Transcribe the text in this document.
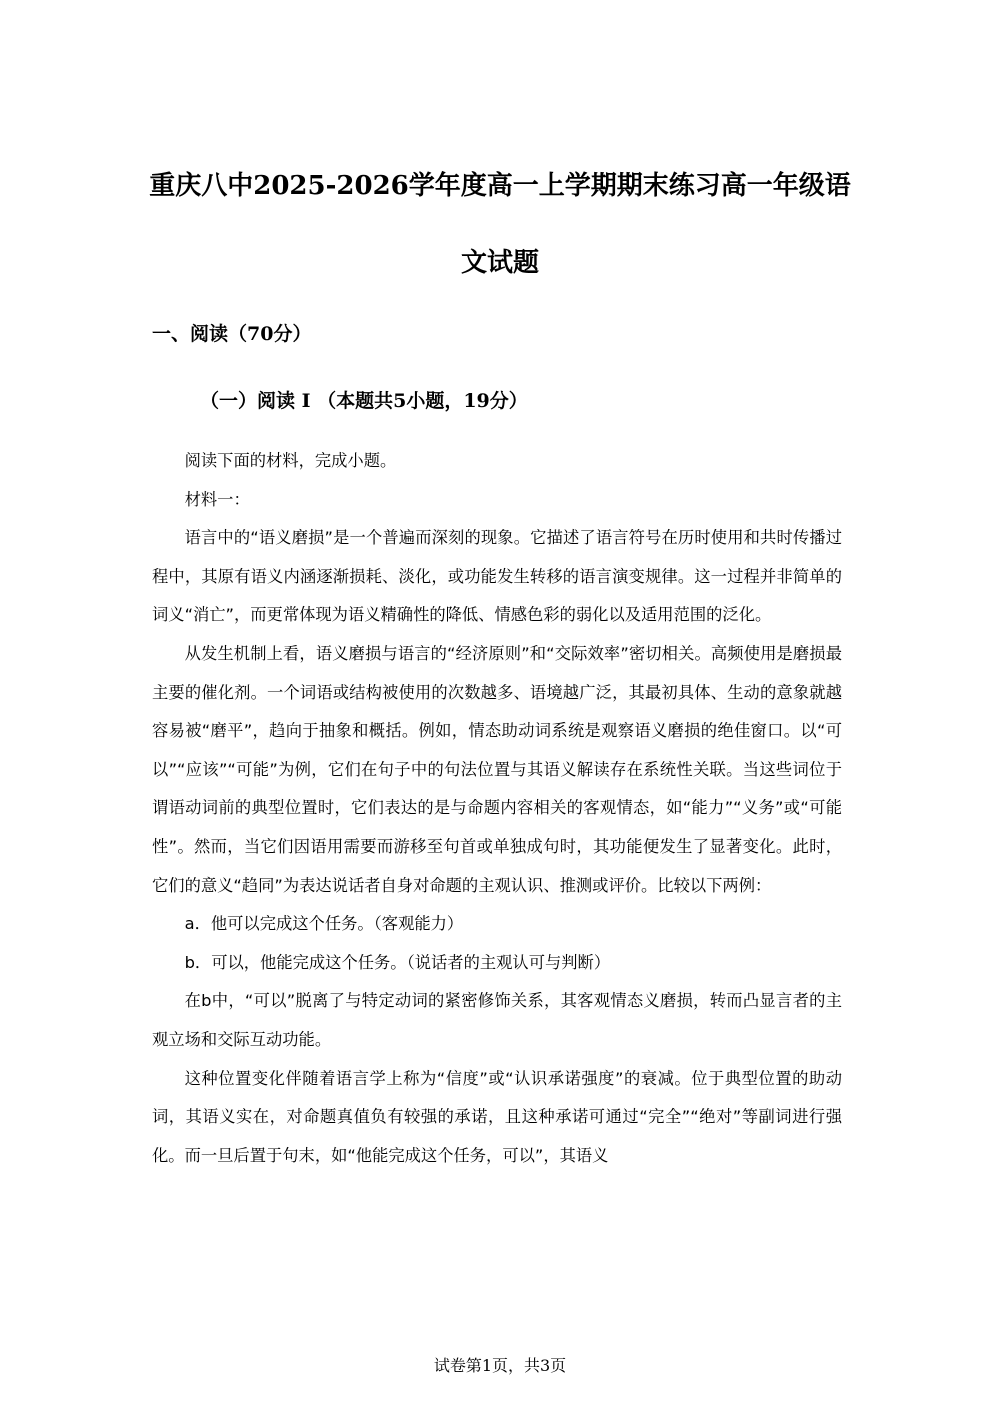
重庆八中2025-2026学年度高一上学期期末练习高一年级语
文试题
一、阅读（70分）
（一）阅读 I （本题共5小题，19分）

阅读下面的材料，完成小题。

材料一：

语言中的“语义磨损”是一个普遍而深刻的现象。它描述了语言符号在历时使用和共时传播过程中，其原有语义内涵逐渐损耗、淡化，或功能发生转移的语言演变规律。这一过程并非简单的词义“消亡”，而更常体现为语义精确性的降低、情感色彩的弱化以及适用范围的泛化。

从发生机制上看，语义磨损与语言的“经济原则”和“交际效率”密切相关。高频使用是磨损最主要的催化剂。一个词语或结构被使用的次数越多、语境越广泛，其最初具体、生动的意象就越容易被“磨平”，趋向于抽象和概括。例如，情态助动词系统是观察语义磨损的绝佳窗口。以“可以”“应该”“可能”为例，它们在句子中的句法位置与其语义解读存在系统性关联。当这些词位于谓语动词前的典型位置时，它们表达的是与命题内容相关的客观情态，如“能力”“义务”或“可能性”。然而，当它们因语用需要而游移至句首或单独成句时，其功能便发生了显著变化。此时，它们的意义“趋同”为表达说话者自身对命题的主观认识、推测或评价。比较以下两例：

a．他可以完成这个任务。（客观能力）

b．可以，他能完成这个任务。（说话者的主观认可与判断）

在b中，“可以”脱离了与特定动词的紧密修饰关系，其客观情态义磨损，转而凸显言者的主观立场和交际互动功能。

这种位置变化伴随着语言学上称为“信度”或“认识承诺强度”的衰减。位于典型位置的助动词，其语义实在，对命题真值负有较强的承诺，且这种承诺可通过“完全”“绝对”等副词进行强化。而一旦后置于句末，如“他能完成这个任务，可以”，其语义

试卷第1页，共3页
